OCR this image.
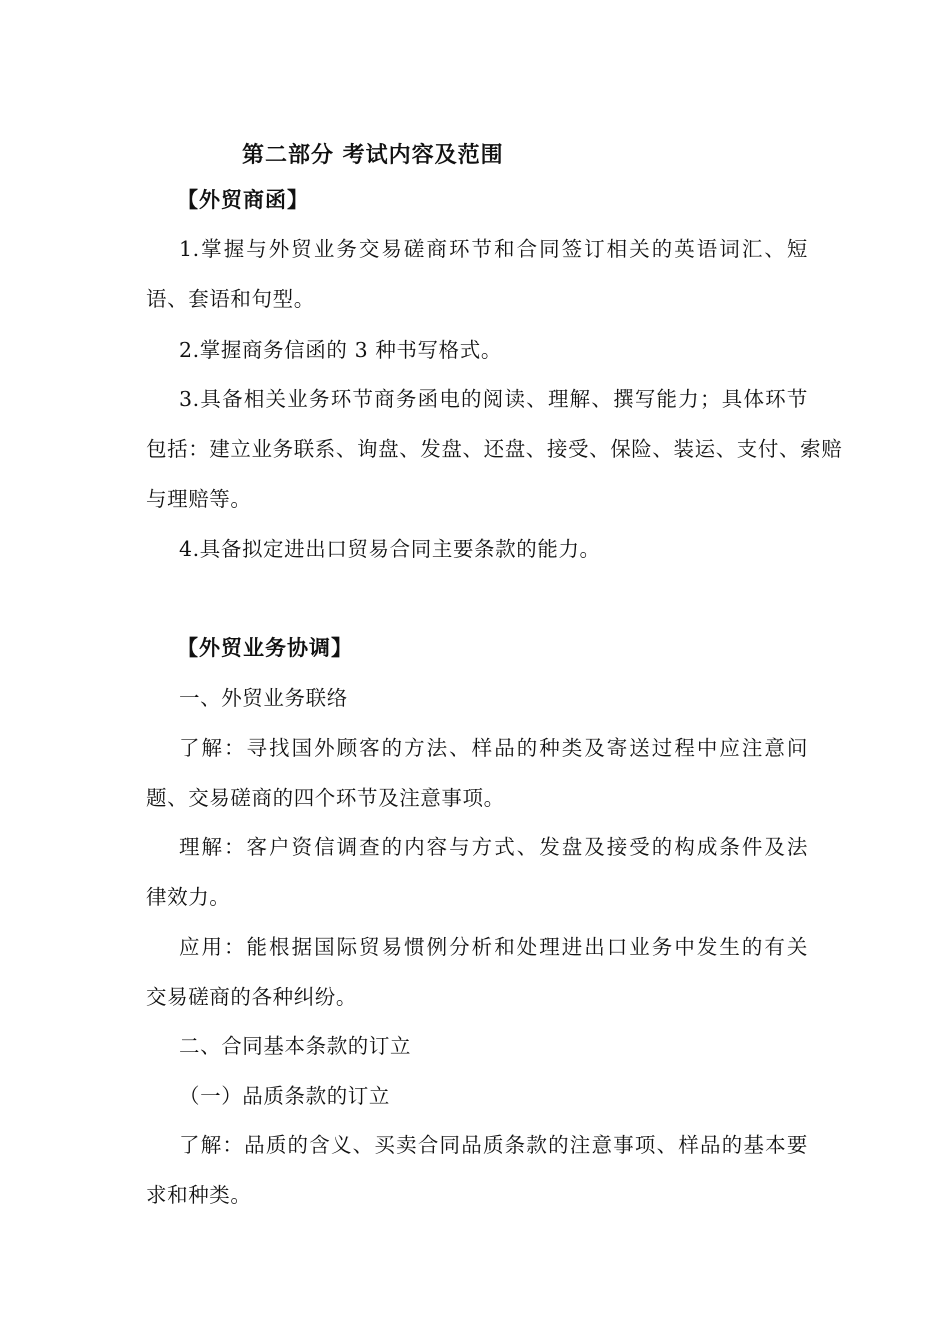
第二部分 考试内容及范围
【外贸商函】
1.掌握与外贸业务交易磋商环节和合同签订相关的英语词汇、短
语、套语和句型。
2.掌握商务信函的 3 种书写格式。
3.具备相关业务环节商务函电的阅读、理解、撰写能力；具体环节
包括：建立业务联系、询盘、发盘、还盘、接受、保险、装运、支付、索赔
与理赔等。
4.具备拟定进出口贸易合同主要条款的能力。
【外贸业务协调】
一、外贸业务联络
了解：寻找国外顾客的方法、样品的种类及寄送过程中应注意问
题、交易磋商的四个环节及注意事项。
理解：客户资信调查的内容与方式、发盘及接受的构成条件及法
律效力。
应用：能根据国际贸易惯例分析和处理进出口业务中发生的有关
交易磋商的各种纠纷。
二、合同基本条款的订立
（一）品质条款的订立
了解：品质的含义、买卖合同品质条款的注意事项、样品的基本要
求和种类。
